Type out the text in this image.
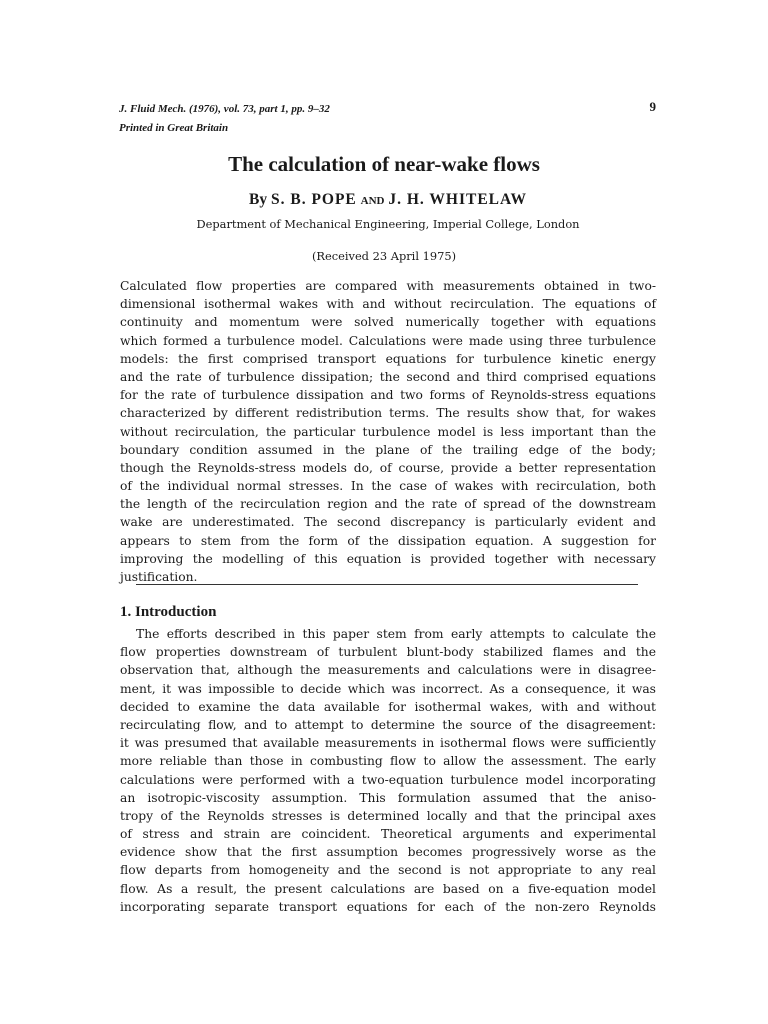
J. Fluid Mech. (1976), vol. 73, part 1, pp. 9–32
Printed in Great Britain
9
The calculation of near-wake flows
By S. B. POPE AND J. H. WHITELAW
Department of Mechanical Engineering, Imperial College, London
(Received 23 April 1975)
Calculated flow properties are compared with measurements obtained in two-
dimensional isothermal wakes with and without recirculation. The equations of
continuity and momentum were solved numerically together with equations
which formed a turbulence model. Calculations were made using three turbulence
models: the first comprised transport equations for turbulence kinetic energy
and the rate of turbulence dissipation; the second and third comprised equations
for the rate of turbulence dissipation and two forms of Reynolds-stress equations
characterized by different redistribution terms. The results show that, for wakes
without recirculation, the particular turbulence model is less important than the
boundary condition assumed in the plane of the trailing edge of the body;
though the Reynolds-stress models do, of course, provide a better representation
of the individual normal stresses. In the case of wakes with recirculation, both
the length of the recirculation region and the rate of spread of the downstream
wake are underestimated. The second discrepancy is particularly evident and
appears to stem from the form of the dissipation equation. A suggestion for
improving the modelling of this equation is provided together with necessary
justification.
1. Introduction
The efforts described in this paper stem from early attempts to calculate the
flow properties downstream of turbulent blunt-body stabilized flames and the
observation that, although the measurements and calculations were in disagree-
ment, it was impossible to decide which was incorrect. As a consequence, it was
decided to examine the data available for isothermal wakes, with and without
recirculating flow, and to attempt to determine the source of the disagreement:
it was presumed that available measurements in isothermal flows were sufficiently
more reliable than those in combusting flow to allow the assessment. The early
calculations were performed with a two-equation turbulence model incorporating
an isotropic-viscosity assumption. This formulation assumed that the aniso-
tropy of the Reynolds stresses is determined locally and that the principal axes
of stress and strain are coincident. Theoretical arguments and experimental
evidence show that the first assumption becomes progressively worse as the
flow departs from homogeneity and the second is not appropriate to any real
flow. As a result, the present calculations are based on a five-equation model
incorporating separate transport equations for each of the non-zero Reynolds
